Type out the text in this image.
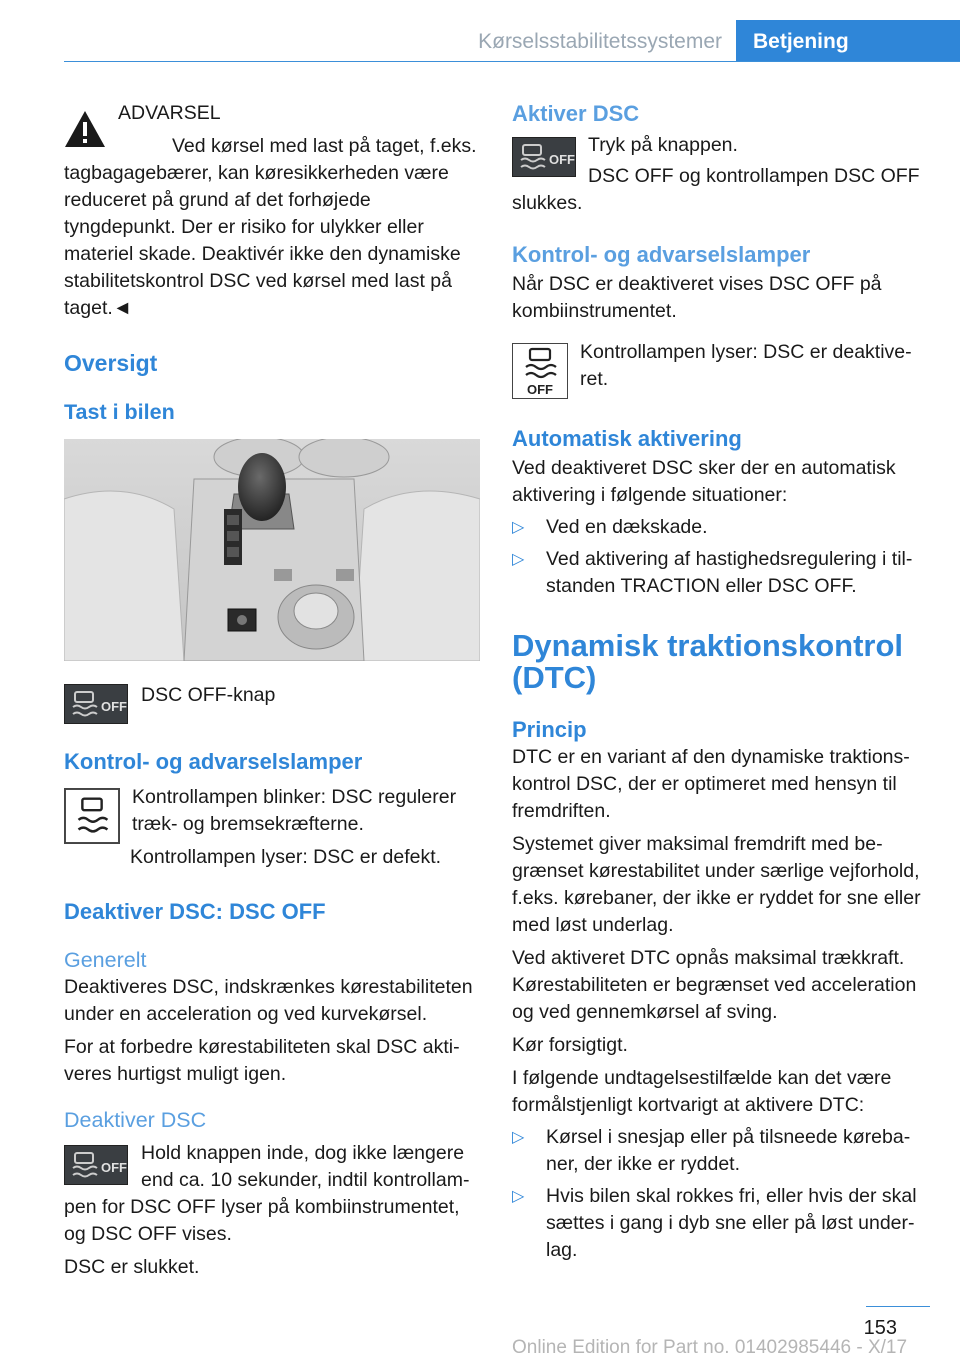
Kørselsstabilitetssystemer	Betjening

ADVARSEL

Ved kørsel med last på taget, f.eks. tagbagagebærer, kan køresikkerheden være reduceret på grund af det forhøjede tyngdepunkt. Der er risiko for ulykker eller materiel skade. Deaktivér ikke den dynamiske stabilitetskontrol DSC ved kørsel med last på taget.◄

Oversigt
Tast i bilen
OFF

DSC OFF-knap

Kontrol- og advarselslamper

Kontrollampen blinker: DSC regulerer træk- og bremsekræfterne.

Kontrollampen lyser: DSC er defekt.

Deaktiver DSC: DSC OFF
Generelt

Deaktiveres DSC, indskrænkes kørestabiliteten under en acceleration og ved kurvekørsel.

For at forbedre kørestabiliteten skal DSC aktiveres hurtigst muligt igen.

Deaktiver DSC
OFF

Hold knappen inde, dog ikke længere end ca. 10 sekunder, indtil kontrollampen for DSC OFF lyser på kombiinstrumentet, og DSC OFF vises.

DSC er slukket.

Aktiver DSC
OFF

Tryk på knappen.

DSC OFF og kontrollampen DSC OFF slukkes.

Kontrol- og advarselslamper

Når DSC er deaktiveret vises DSC OFF på kombiinstrumentet.

OFF

Kontrollampen lyser: DSC er deaktiveret.

Automatisk aktivering

Ved deaktiveret DSC sker der en automatisk aktivering i følgende situationer:

▷ Ved en dækskade.
▷ Ved aktivering af hastighedsregulering i tilstanden TRACTION eller DSC OFF.
Dynamisk traktionskontrol (DTC)
Princip

DTC er en variant af den dynamiske traktionskontrol DSC, der er optimeret med hensyn til fremdriften.

Systemet giver maksimal fremdrift med begrænset kørestabilitet under særlige vejforhold, f.eks. kørebaner, der ikke er ryddet for sne eller med løst underlag.

Ved aktiveret DTC opnås maksimal trækkraft. Kørestabiliteten er begrænset ved acceleration og ved gennemkørsel af sving.

Kør forsigtigt.

I følgende undtagelsestilfælde kan det være formålstjenligt kortvarigt at aktivere DTC:

▷ Kørsel i snesjap eller på tilsneede kørebaner, der ikke er ryddet.
▷ Hvis bilen skal rokkes fri, eller hvis der skal sættes i gang i dyb sne eller på løst underlag.
153
Online Edition for Part no. 01402985446 - X/17
